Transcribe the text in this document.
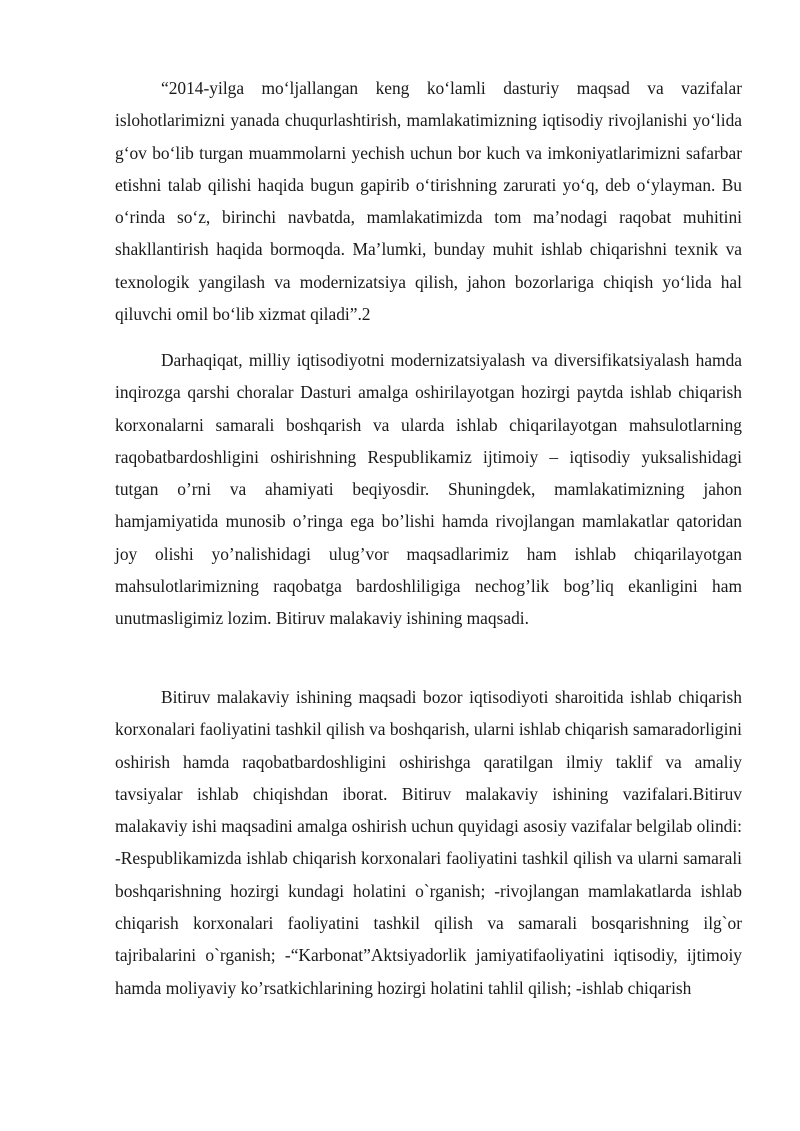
“2014-yilga mo‘ljallangan keng ko‘lamli dasturiy maqsad va vazifalar islohotlarimizni yanada chuqurlashtirish, mamlakatimizning iqtisodiy rivojlanishi yo‘lida g‘ov bo‘lib turgan muammolarni yechish uchun bor kuch va imkoniyatlarimizni safarbar etishni talab qilishi haqida bugun gapirib o‘tirishning zarurati yo‘q, deb o‘ylayman. Bu o‘rinda so‘z, birinchi navbatda, mamlakatimizda tom ma’nodagi raqobat muhitini shakllantirish haqida bormoqda. Ma’lumki, bunday muhit ishlab chiqarishni texnik va texnologik yangilash va modernizatsiya qilish, jahon bozorlariga chiqish yo‘lida hal qiluvchi omil bo‘lib xizmat qiladi”.2

Darhaqiqat, milliy iqtisodiyotni modernizatsiyalash va diversifikatsiyalash hamda inqirozga qarshi choralar Dasturi amalga oshirilayotgan hozirgi paytda ishlab chiqarish korxonalarni samarali boshqarish va ularda ishlab chiqarilayotgan mahsulotlarning raqobatbardoshligini oshirishning Respublikamiz ijtimoiy – iqtisodiy yuksalishidagi tutgan o’rni va ahamiyati beqiyosdir. Shuningdek, mamlakatimizning jahon hamjamiyatida munosib o’ringa ega bo’lishi hamda rivojlangan mamlakatlar qatoridan joy olishi yo’nalishidagi ulug’vor maqsadlarimiz ham ishlab chiqarilayotgan mahsulotlarimizning raqobatga bardoshliligiga nechog’lik bog’liq ekanligini ham unutmasligimiz lozim. Bitiruv malakaviy ishining maqsadi.

Bitiruv malakaviy ishining maqsadi bozor iqtisodiyoti sharoitida ishlab chiqarish korxonalari faoliyatini tashkil qilish va boshqarish, ularni ishlab chiqarish samaradorligini oshirish hamda raqobatbardoshligini oshirishga qaratilgan ilmiy taklif va amaliy tavsiyalar ishlab chiqishdan iborat. Bitiruv malakaviy ishining vazifalari.Bitiruv malakaviy ishi maqsadini amalga oshirish uchun quyidagi asosiy vazifalar belgilab olindi: -Respublikamizda ishlab chiqarish korxonalari faoliyatini tashkil qilish va ularni samarali boshqarishning hozirgi kundagi holatini o`rganish; -rivojlangan mamlakatlarda ishlab chiqarish korxonalari faoliyatini tashkil qilish va samarali bosqarishning ilg`or tajribalarini o`rganish; -“Karbonat”Aktsiyadorlik jamiyatifaoliyatini iqtisodiy, ijtimoiy hamda moliyaviy ko’rsatkichlarining hozirgi holatini tahlil qilish; -ishlab chiqarish
